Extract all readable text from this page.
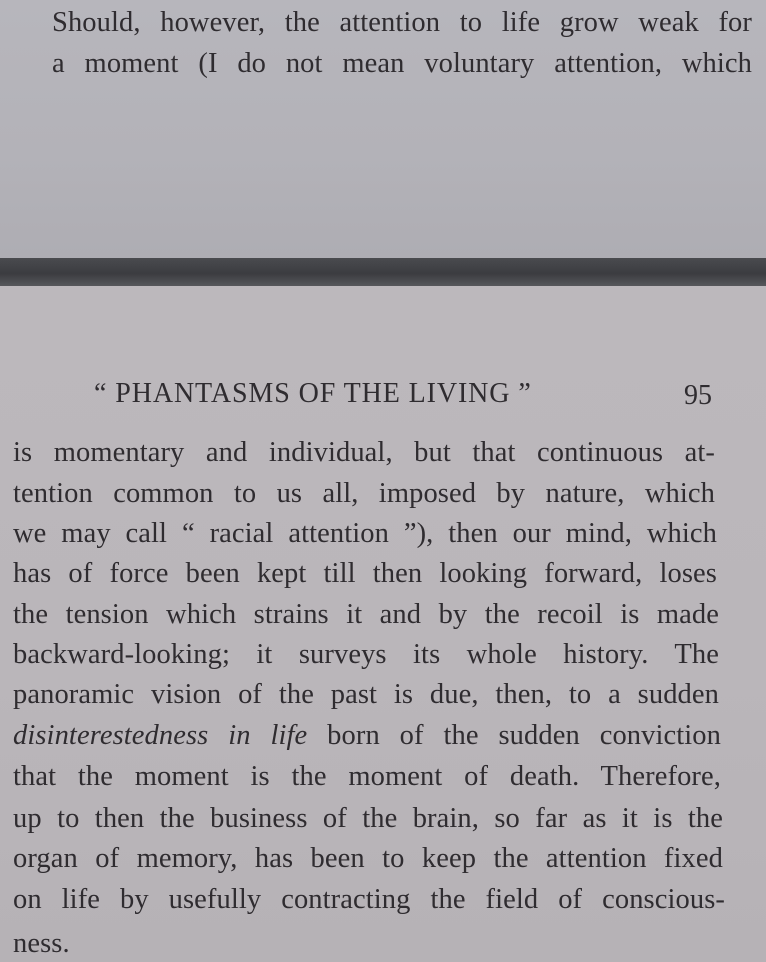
Should, however, the attention to life grow weak for

a moment (I do not mean voluntary attention, which

“ PHANTASMS OF THE LIVING ”	95

is momentary and individual, but that continuous at-

tention common to us all, imposed by nature, which

we may call “ racial attention ”), then our mind, which

has of force been kept till then looking forward, loses

the tension which strains it and by the recoil is made

backward-looking; it surveys its whole history. The

panoramic vision of the past is due, then, to a sudden

disinterestedness in life born of the sudden conviction

that the moment is the moment of death. Therefore,

up to then the business of the brain, so far as it is the

organ of memory, has been to keep the attention fixed

on life by usefully contracting the field of conscious-

ness.
